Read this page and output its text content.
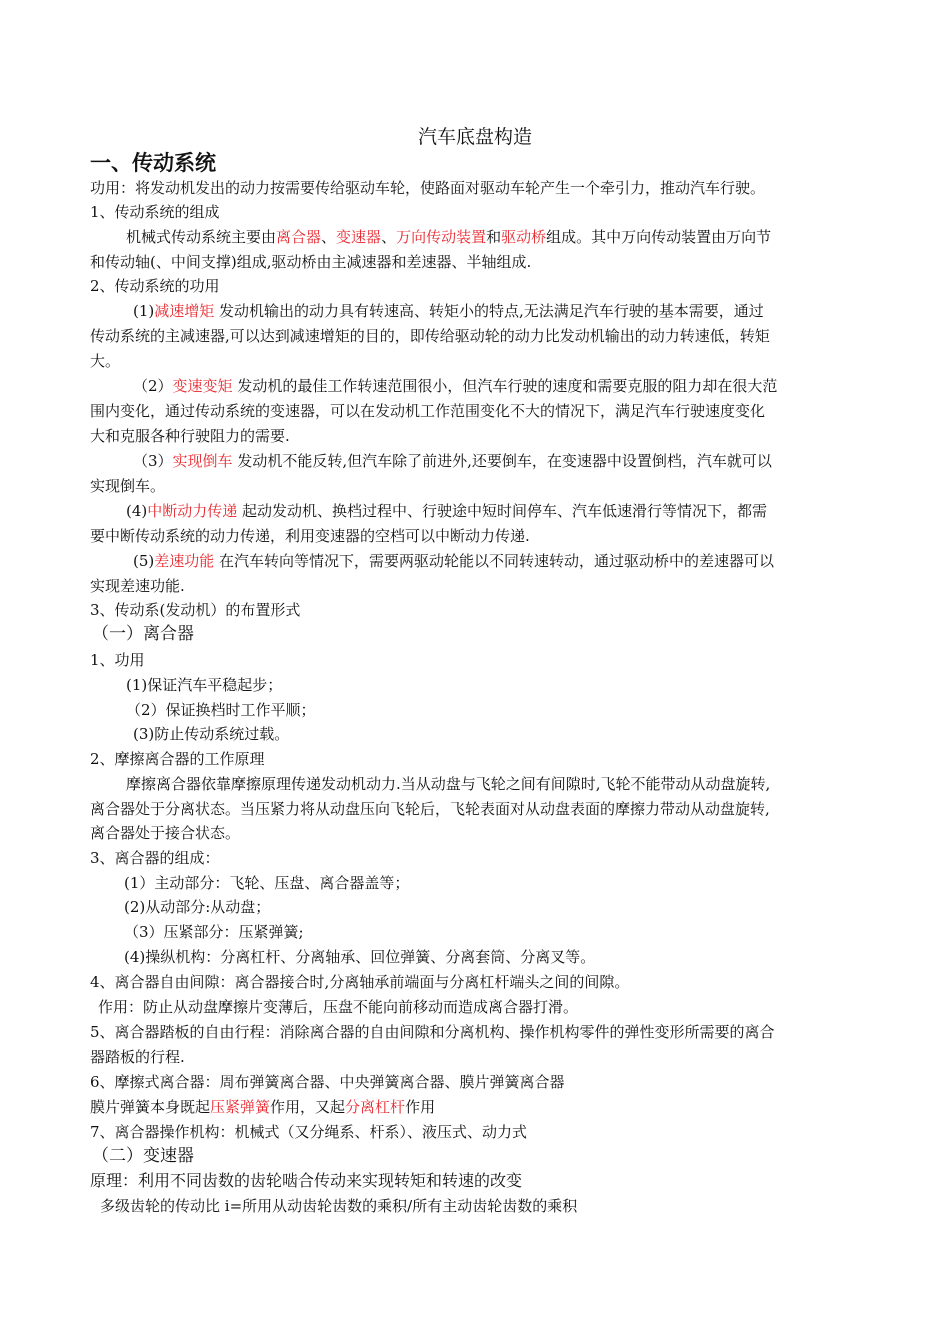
汽车底盘构造
一、传动系统
功用：将发动机发出的动力按需要传给驱动车轮，使路面对驱动车轮产生一个牵引力，推动汽车行驶。
1、传动系统的组成
机械式传动系统主要由离合器、变速器、万向传动装置和驱动桥组成。其中万向传动装置由万向节
和传动轴(、中间支撑)组成,驱动桥由主减速器和差速器、半轴组成.
2、传动系统的功用
(1)减速增矩 发动机输出的动力具有转速高、转矩小的特点,无法满足汽车行驶的基本需要，通过
传动系统的主减速器,可以达到减速增矩的目的，即传给驱动轮的动力比发动机输出的动力转速低，转矩
大。
（2）变速变矩 发动机的最佳工作转速范围很小，但汽车行驶的速度和需要克服的阻力却在很大范
围内变化，通过传动系统的变速器，可以在发动机工作范围变化不大的情况下，满足汽车行驶速度变化
大和克服各种行驶阻力的需要.
（3）实现倒车 发动机不能反转,但汽车除了前进外,还要倒车，在变速器中设置倒档，汽车就可以
实现倒车。
(4)中断动力传递 起动发动机、换档过程中、行驶途中短时间停车、汽车低速滑行等情况下，都需
要中断传动系统的动力传递，利用变速器的空档可以中断动力传递.
(5)差速功能 在汽车转向等情况下，需要两驱动轮能以不同转速转动，通过驱动桥中的差速器可以
实现差速功能.
3、传动系(发动机）的布置形式
（一）离合器
1、功用
(1)保证汽车平稳起步；
（2）保证换档时工作平顺；
(3)防止传动系统过载。
2、摩擦离合器的工作原理
摩擦离合器依靠摩擦原理传递发动机动力.当从动盘与飞轮之间有间隙时,飞轮不能带动从动盘旋转,
离合器处于分离状态。当压紧力将从动盘压向飞轮后，飞轮表面对从动盘表面的摩擦力带动从动盘旋转,
离合器处于接合状态。
3、离合器的组成：
(1）主动部分：飞轮、压盘、离合器盖等；
(2)从动部分:从动盘；
（3）压紧部分：压紧弹簧;
(4)操纵机构：分离杠杆、分离轴承、回位弹簧、分离套筒、分离叉等。
4、离合器自由间隙：离合器接合时,分离轴承前端面与分离杠杆端头之间的间隙。
作用：防止从动盘摩擦片变薄后，压盘不能向前移动而造成离合器打滑。
5、离合器踏板的自由行程：消除离合器的自由间隙和分离机构、操作机构零件的弹性变形所需要的离合
器踏板的行程.
6、摩擦式离合器：周布弹簧离合器、中央弹簧离合器、膜片弹簧离合器
膜片弹簧本身既起压紧弹簧作用，又起分离杠杆作用
7、离合器操作机构：机械式（又分绳系、杆系）、液压式、动力式
（二）变速器
原理：利用不同齿数的齿轮啮合传动来实现转矩和转速的改变
多级齿轮的传动比 i=所用从动齿轮齿数的乘积/所有主动齿轮齿数的乘积
